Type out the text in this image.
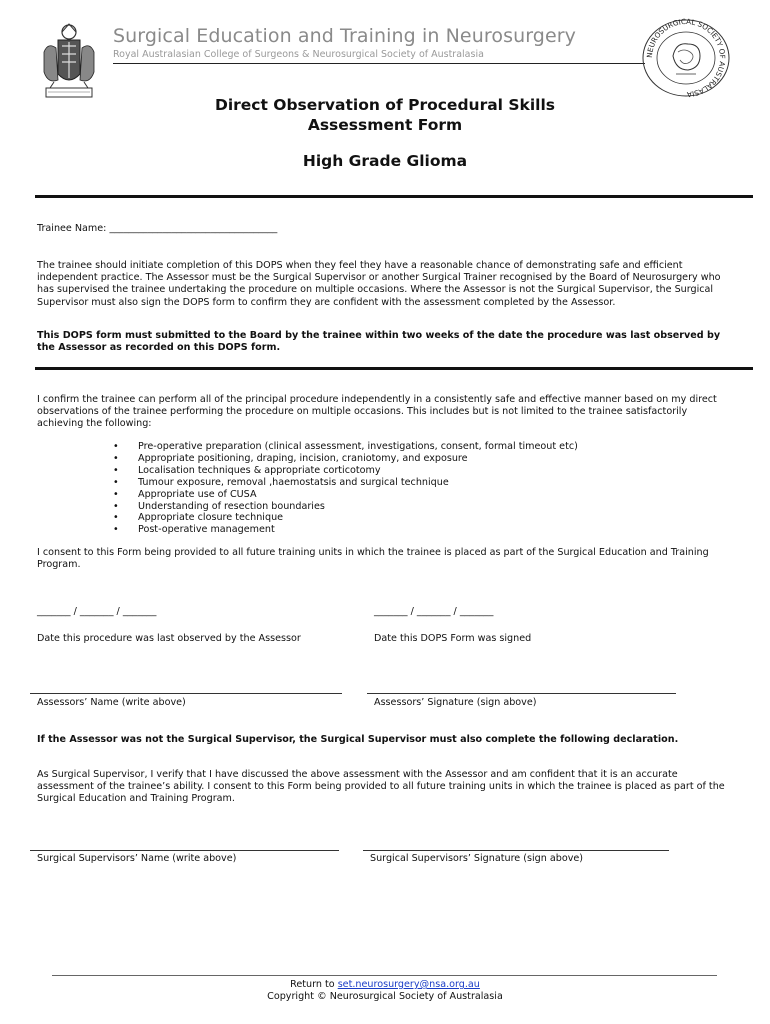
Surgical Education and Training in Neurosurgery
Royal Australasian College of Surgeons & Neurosurgical Society of Australasia	NEUROSURGICAL SOCIETY OF AUSTRALASIA
Direct Observation of Procedural Skills
Assessment Form
High Grade Glioma
Trainee Name: ___________________________________
The trainee should initiate completion of this DOPS when they feel they have a reasonable chance of demonstrating safe and efficient independent practice. The Assessor must be the Surgical Supervisor or another Surgical Trainer recognised by the Board of Neurosurgery who has supervised the trainee undertaking the procedure on multiple occasions. Where the Assessor is not the Surgical Supervisor, the Surgical Supervisor must also sign the DOPS form to confirm they are confident with the assessment completed by the Assessor.
This DOPS form must submitted to the Board by the trainee within two weeks of the date the procedure was last observed by the Assessor as recorded on this DOPS form.
I confirm the trainee can perform all of the principal procedure independently in a consistently safe and effective manner based on my direct observations of the trainee performing the procedure on multiple occasions. This includes but is not limited to the trainee satisfactorily achieving the following:
• Pre-operative preparation (clinical assessment, investigations, consent, formal timeout etc)
• Appropriate positioning, draping, incision, craniotomy, and exposure
• Localisation techniques & appropriate corticotomy
• Tumour exposure, removal ,haemostatsis and surgical technique
• Appropriate use of CUSA
• Understanding of resection boundaries
• Appropriate closure technique
• Post-operative management
I consent to this Form being provided to all future training units in which the trainee is placed as part of the Surgical Education and Training Program.
_______ / _______ / _______	_______ / _______ / _______
Date this procedure was last observed by the Assessor	Date this DOPS Form was signed
Assessors’ Name (write above)	Assessors’ Signature (sign above)
If the Assessor was not the Surgical Supervisor, the Surgical Supervisor must also complete the following declaration.
As Surgical Supervisor, I verify that I have discussed the above assessment with the Assessor and am confident that it is an accurate assessment of the trainee’s ability. I consent to this Form being provided to all future training units in which the trainee is placed as part of the Surgical Education and Training Program.
Surgical Supervisors’ Name (write above)	Surgical Supervisors’ Signature (sign above)
Return to set.neurosurgery@nsa.org.au
Copyright © Neurosurgical Society of Australasia
